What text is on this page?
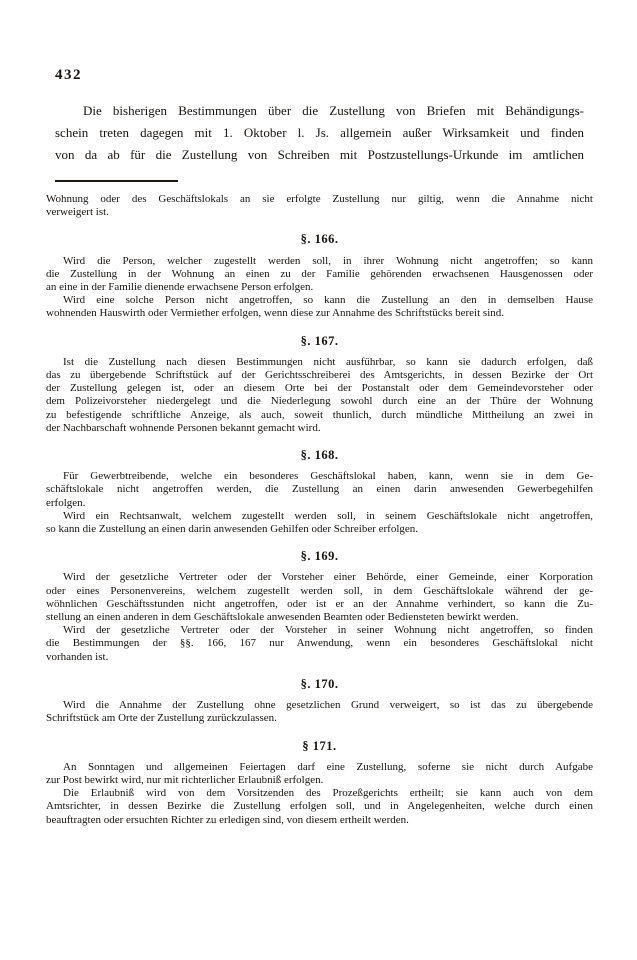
432
Die bisherigen Bestimmungen über die Zustellung von Briefen mit Behändigungs-
schein treten dagegen mit 1. Oktober l. Js. allgemein außer Wirksamkeit und finden
von da ab für die Zustellung von Schreiben mit Postzustellungs-Urkunde im amtlichen
Wohnung oder des Geschäftslokals an sie erfolgte Zustellung nur giltig, wenn die Annahme nicht
verweigert ist.
§. 166.
Wird die Person, welcher zugestellt werden soll, in ihrer Wohnung nicht angetroffen; so kann
die Zustellung in der Wohnung an einen zu der Familie gehörenden erwachsenen Hausgenossen oder
an eine in der Familie dienende erwachsene Person erfolgen.
Wird eine solche Person nicht angetroffen, so kann die Zustellung an den in demselben Hause
wohnenden Hauswirth oder Vermiether erfolgen, wenn diese zur Annahme des Schriftstücks bereit sind.
§. 167.
Ist die Zustellung nach diesen Bestimmungen nicht ausführbar, so kann sie dadurch erfolgen, daß
das zu übergebende Schriftstück auf der Gerichtsschreiberei des Amtsgerichts, in dessen Bezirke der Ort
der Zustellung gelegen ist, oder an diesem Orte bei der Postanstalt oder dem Gemeindevorsteher oder
dem Polizeivorsteher niedergelegt und die Niederlegung sowohl durch eine an der Thüre der Wohnung
zu befestigende schriftliche Anzeige, als auch, soweit thunlich, durch mündliche Mittheilung an zwei in
der Nachbarschaft wohnende Personen bekannt gemacht wird.
§. 168.
Für Gewerbtreibende, welche ein besonderes Geschäftslokal haben, kann, wenn sie in dem Ge-
schäftslokale nicht angetroffen werden, die Zustellung an einen darin anwesenden Gewerbegehilfen
erfolgen.
Wird ein Rechtsanwalt, welchem zugestellt werden soll, in seinem Geschäftslokale nicht angetroffen,
so kann die Zustellung an einen darin anwesenden Gehilfen oder Schreiber erfolgen.
§. 169.
Wird der gesetzliche Vertreter oder der Vorsteher einer Behörde, einer Gemeinde, einer Korporation
oder eines Personenvereins, welchem zugestellt werden soll, in dem Geschäftslokale während der ge-
wöhnlichen Geschäftsstunden nicht angetroffen, oder ist er an der Annahme verhindert, so kann die Zu-
stellung an einen anderen in dem Geschäftslokale anwesenden Beamten oder Bediensteten bewirkt werden.
Wird der gesetzliche Vertreter oder der Vorsteher in seiner Wohnung nicht angetroffen, so finden
die Bestimmungen der §§. 166, 167 nur Anwendung, wenn ein besonderes Geschäftslokal nicht
vorhanden ist.
§. 170.
Wird die Annahme der Zustellung ohne gesetzlichen Grund verweigert, so ist das zu übergebende
Schriftstück am Orte der Zustellung zurückzulassen.
§ 171.
An Sonntagen und allgemeinen Feiertagen darf eine Zustellung, soferne sie nicht durch Aufgabe
zur Post bewirkt wird, nur mit richterlicher Erlaubniß erfolgen.
Die Erlaubniß wird von dem Vorsitzenden des Prozeßgerichts ertheilt; sie kann auch von dem
Amtsrichter, in dessen Bezirke die Zustellung erfolgen soll, und in Angelegenheiten, welche durch einen
beauftragten oder ersuchten Richter zu erledigen sind, von diesem ertheilt werden.
